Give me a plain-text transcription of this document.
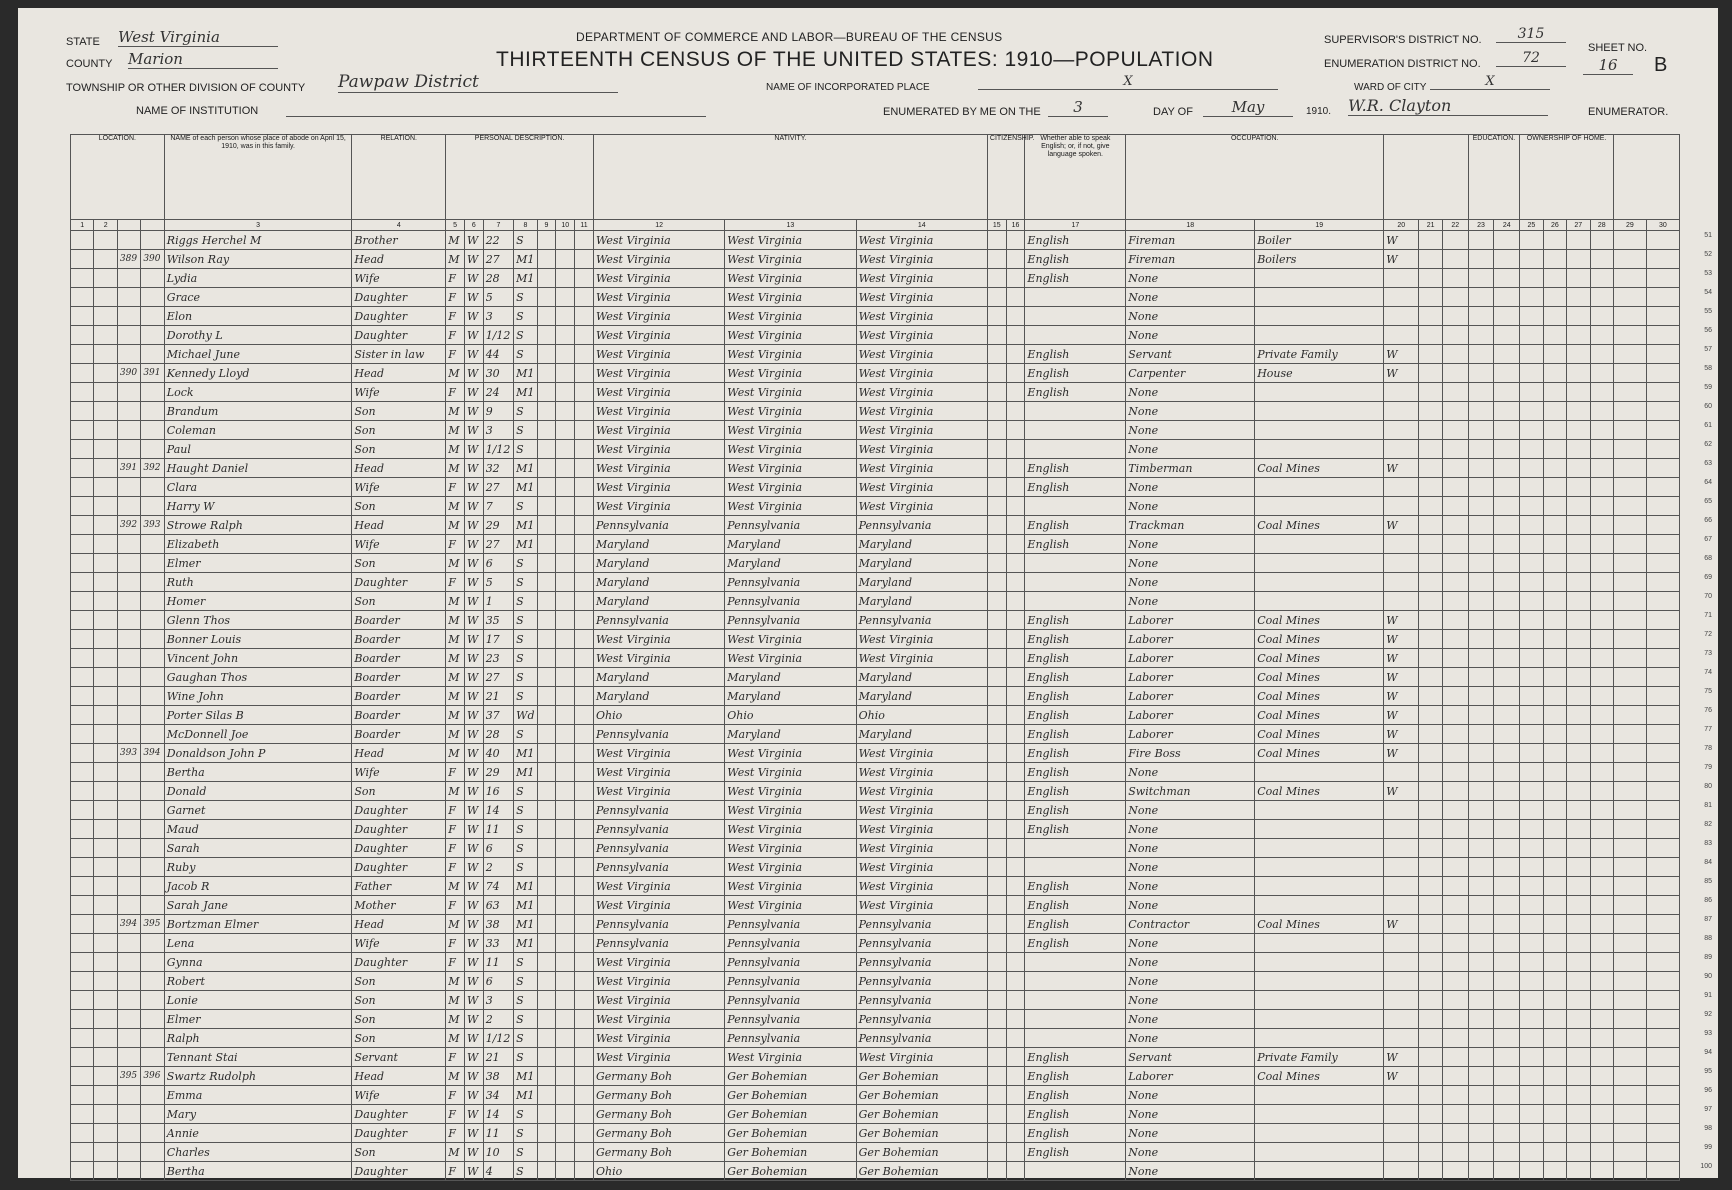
STATE West Virginia
COUNTY Marion
TOWNSHIP OR OTHER DIVISION OF COUNTY Pawpaw District
NAME OF INSTITUTION
DEPARTMENT OF COMMERCE AND LABOR—BUREAU OF THE CENSUS
THIRTEENTH CENSUS OF THE UNITED STATES: 1910—POPULATION
NAME OF INCORPORATED PLACE	X
ENUMERATED BY ME ON THE	3	DAY OF	May	1910. W.R. Clayton	ENUMERATOR.
SUPERVISOR'S DISTRICT NO.	315
ENUMERATION DISTRICT NO.	72
SHEET NO.
16	B
WARD OF CITY	X
LOCATION.				NAME of each person whose place of abode on April 15, 1910, was in this family.	RELATION.	PERSONAL DESCRIPTION.							NATIVITY.			CITIZENSHIP.		Whether able to speak English; or, if not, give language spoken.	OCCUPATION.					EDUCATION.		OWNERSHIP OF HOME.					
1	2			3	4	5	6	7	8	9	10	11	12	13	14	15	16	17	18	19	20	21	22	23	24	25	26	27	28	29	30
				Riggs Herchel M	Brother	M	W	22	S				West Virginia	West Virginia	West Virginia			English	Fireman	Boiler	W										
		389	390	Wilson Ray	Head	M	W	27	M1				West Virginia	West Virginia	West Virginia			English	Fireman	Boilers	W										
				Lydia	Wife	F	W	28	M1				West Virginia	West Virginia	West Virginia			English	None												
				Grace	Daughter	F	W	5	S				West Virginia	West Virginia	West Virginia				None												
				Elon	Daughter	F	W	3	S				West Virginia	West Virginia	West Virginia				None												
				Dorothy L	Daughter	F	W	1/12	S				West Virginia	West Virginia	West Virginia				None												
				Michael June	Sister in law	F	W	44	S				West Virginia	West Virginia	West Virginia			English	Servant	Private Family	W										
		390	391	Kennedy Lloyd	Head	M	W	30	M1				West Virginia	West Virginia	West Virginia			English	Carpenter	House	W										
				Lock	Wife	F	W	24	M1				West Virginia	West Virginia	West Virginia			English	None												
				Brandum	Son	M	W	9	S				West Virginia	West Virginia	West Virginia				None												
				Coleman	Son	M	W	3	S				West Virginia	West Virginia	West Virginia				None												
				Paul	Son	M	W	1/12	S				West Virginia	West Virginia	West Virginia				None												
		391	392	Haught Daniel	Head	M	W	32	M1				West Virginia	West Virginia	West Virginia			English	Timberman	Coal Mines	W										
				Clara	Wife	F	W	27	M1				West Virginia	West Virginia	West Virginia			English	None												
				Harry W	Son	M	W	7	S				West Virginia	West Virginia	West Virginia				None												
		392	393	Strowe Ralph	Head	M	W	29	M1				Pennsylvania	Pennsylvania	Pennsylvania			English	Trackman	Coal Mines	W										
				Elizabeth	Wife	F	W	27	M1				Maryland	Maryland	Maryland			English	None												
				Elmer	Son	M	W	6	S				Maryland	Maryland	Maryland				None												
				Ruth	Daughter	F	W	5	S				Maryland	Pennsylvania	Maryland				None												
				Homer	Son	M	W	1	S				Maryland	Pennsylvania	Maryland				None												
				Glenn Thos	Boarder	M	W	35	S				Pennsylvania	Pennsylvania	Pennsylvania			English	Laborer	Coal Mines	W										
				Bonner Louis	Boarder	M	W	17	S				West Virginia	West Virginia	West Virginia			English	Laborer	Coal Mines	W										
				Vincent John	Boarder	M	W	23	S				West Virginia	West Virginia	West Virginia			English	Laborer	Coal Mines	W										
				Gaughan Thos	Boarder	M	W	27	S				Maryland	Maryland	Maryland			English	Laborer	Coal Mines	W										
				Wine John	Boarder	M	W	21	S				Maryland	Maryland	Maryland			English	Laborer	Coal Mines	W										
				Porter Silas B	Boarder	M	W	37	Wd				Ohio	Ohio	Ohio			English	Laborer	Coal Mines	W										
				McDonnell Joe	Boarder	M	W	28	S				Pennsylvania	Maryland	Maryland			English	Laborer	Coal Mines	W										
		393	394	Donaldson John P	Head	M	W	40	M1				West Virginia	West Virginia	West Virginia			English	Fire Boss	Coal Mines	W										
				Bertha	Wife	F	W	29	M1				West Virginia	West Virginia	West Virginia			English	None												
				Donald	Son	M	W	16	S				West Virginia	West Virginia	West Virginia			English	Switchman	Coal Mines	W										
				Garnet	Daughter	F	W	14	S				Pennsylvania	West Virginia	West Virginia			English	None												
				Maud	Daughter	F	W	11	S				Pennsylvania	West Virginia	West Virginia			English	None												
				Sarah	Daughter	F	W	6	S				Pennsylvania	West Virginia	West Virginia				None												
				Ruby	Daughter	F	W	2	S				Pennsylvania	West Virginia	West Virginia				None												
				Jacob R	Father	M	W	74	M1				West Virginia	West Virginia	West Virginia			English	None												
				Sarah Jane	Mother	F	W	63	M1				West Virginia	West Virginia	West Virginia			English	None												
		394	395	Bortzman Elmer	Head	M	W	38	M1				Pennsylvania	Pennsylvania	Pennsylvania			English	Contractor	Coal Mines	W										
				Lena	Wife	F	W	33	M1				Pennsylvania	Pennsylvania	Pennsylvania			English	None												
				Gynna	Daughter	F	W	11	S				West Virginia	Pennsylvania	Pennsylvania				None												
				Robert	Son	M	W	6	S				West Virginia	Pennsylvania	Pennsylvania				None												
				Lonie	Son	M	W	3	S				West Virginia	Pennsylvania	Pennsylvania				None												
				Elmer	Son	M	W	2	S				West Virginia	Pennsylvania	Pennsylvania				None												
				Ralph	Son	M	W	1/12	S				West Virginia	Pennsylvania	Pennsylvania				None												
				Tennant Stai	Servant	F	W	21	S				West Virginia	West Virginia	West Virginia			English	Servant	Private Family	W										
		395	396	Swartz Rudolph	Head	M	W	38	M1				Germany Boh	Ger Bohemian	Ger Bohemian			English	Laborer	Coal Mines	W										
				Emma	Wife	F	W	34	M1				Germany Boh	Ger Bohemian	Ger Bohemian			English	None												
				Mary	Daughter	F	W	14	S				Germany Boh	Ger Bohemian	Ger Bohemian			English	None												
				Annie	Daughter	F	W	11	S				Germany Boh	Ger Bohemian	Ger Bohemian			English	None												
				Charles	Son	M	W	10	S				Germany Boh	Ger Bohemian	Ger Bohemian			English	None												
				Bertha	Daughter	F	W	4	S				Ohio	Ger Bohemian	Ger Bohemian				None												
51
52
53
54
55
56
57
58
59
60
61
62
63
64
65
66
67
68
69
70
71
72
73
74
75
76
77
78
79
80
81
82
83
84
85
86
87
88
89
90
91
92
93
94
95
96
97
98
99
100
